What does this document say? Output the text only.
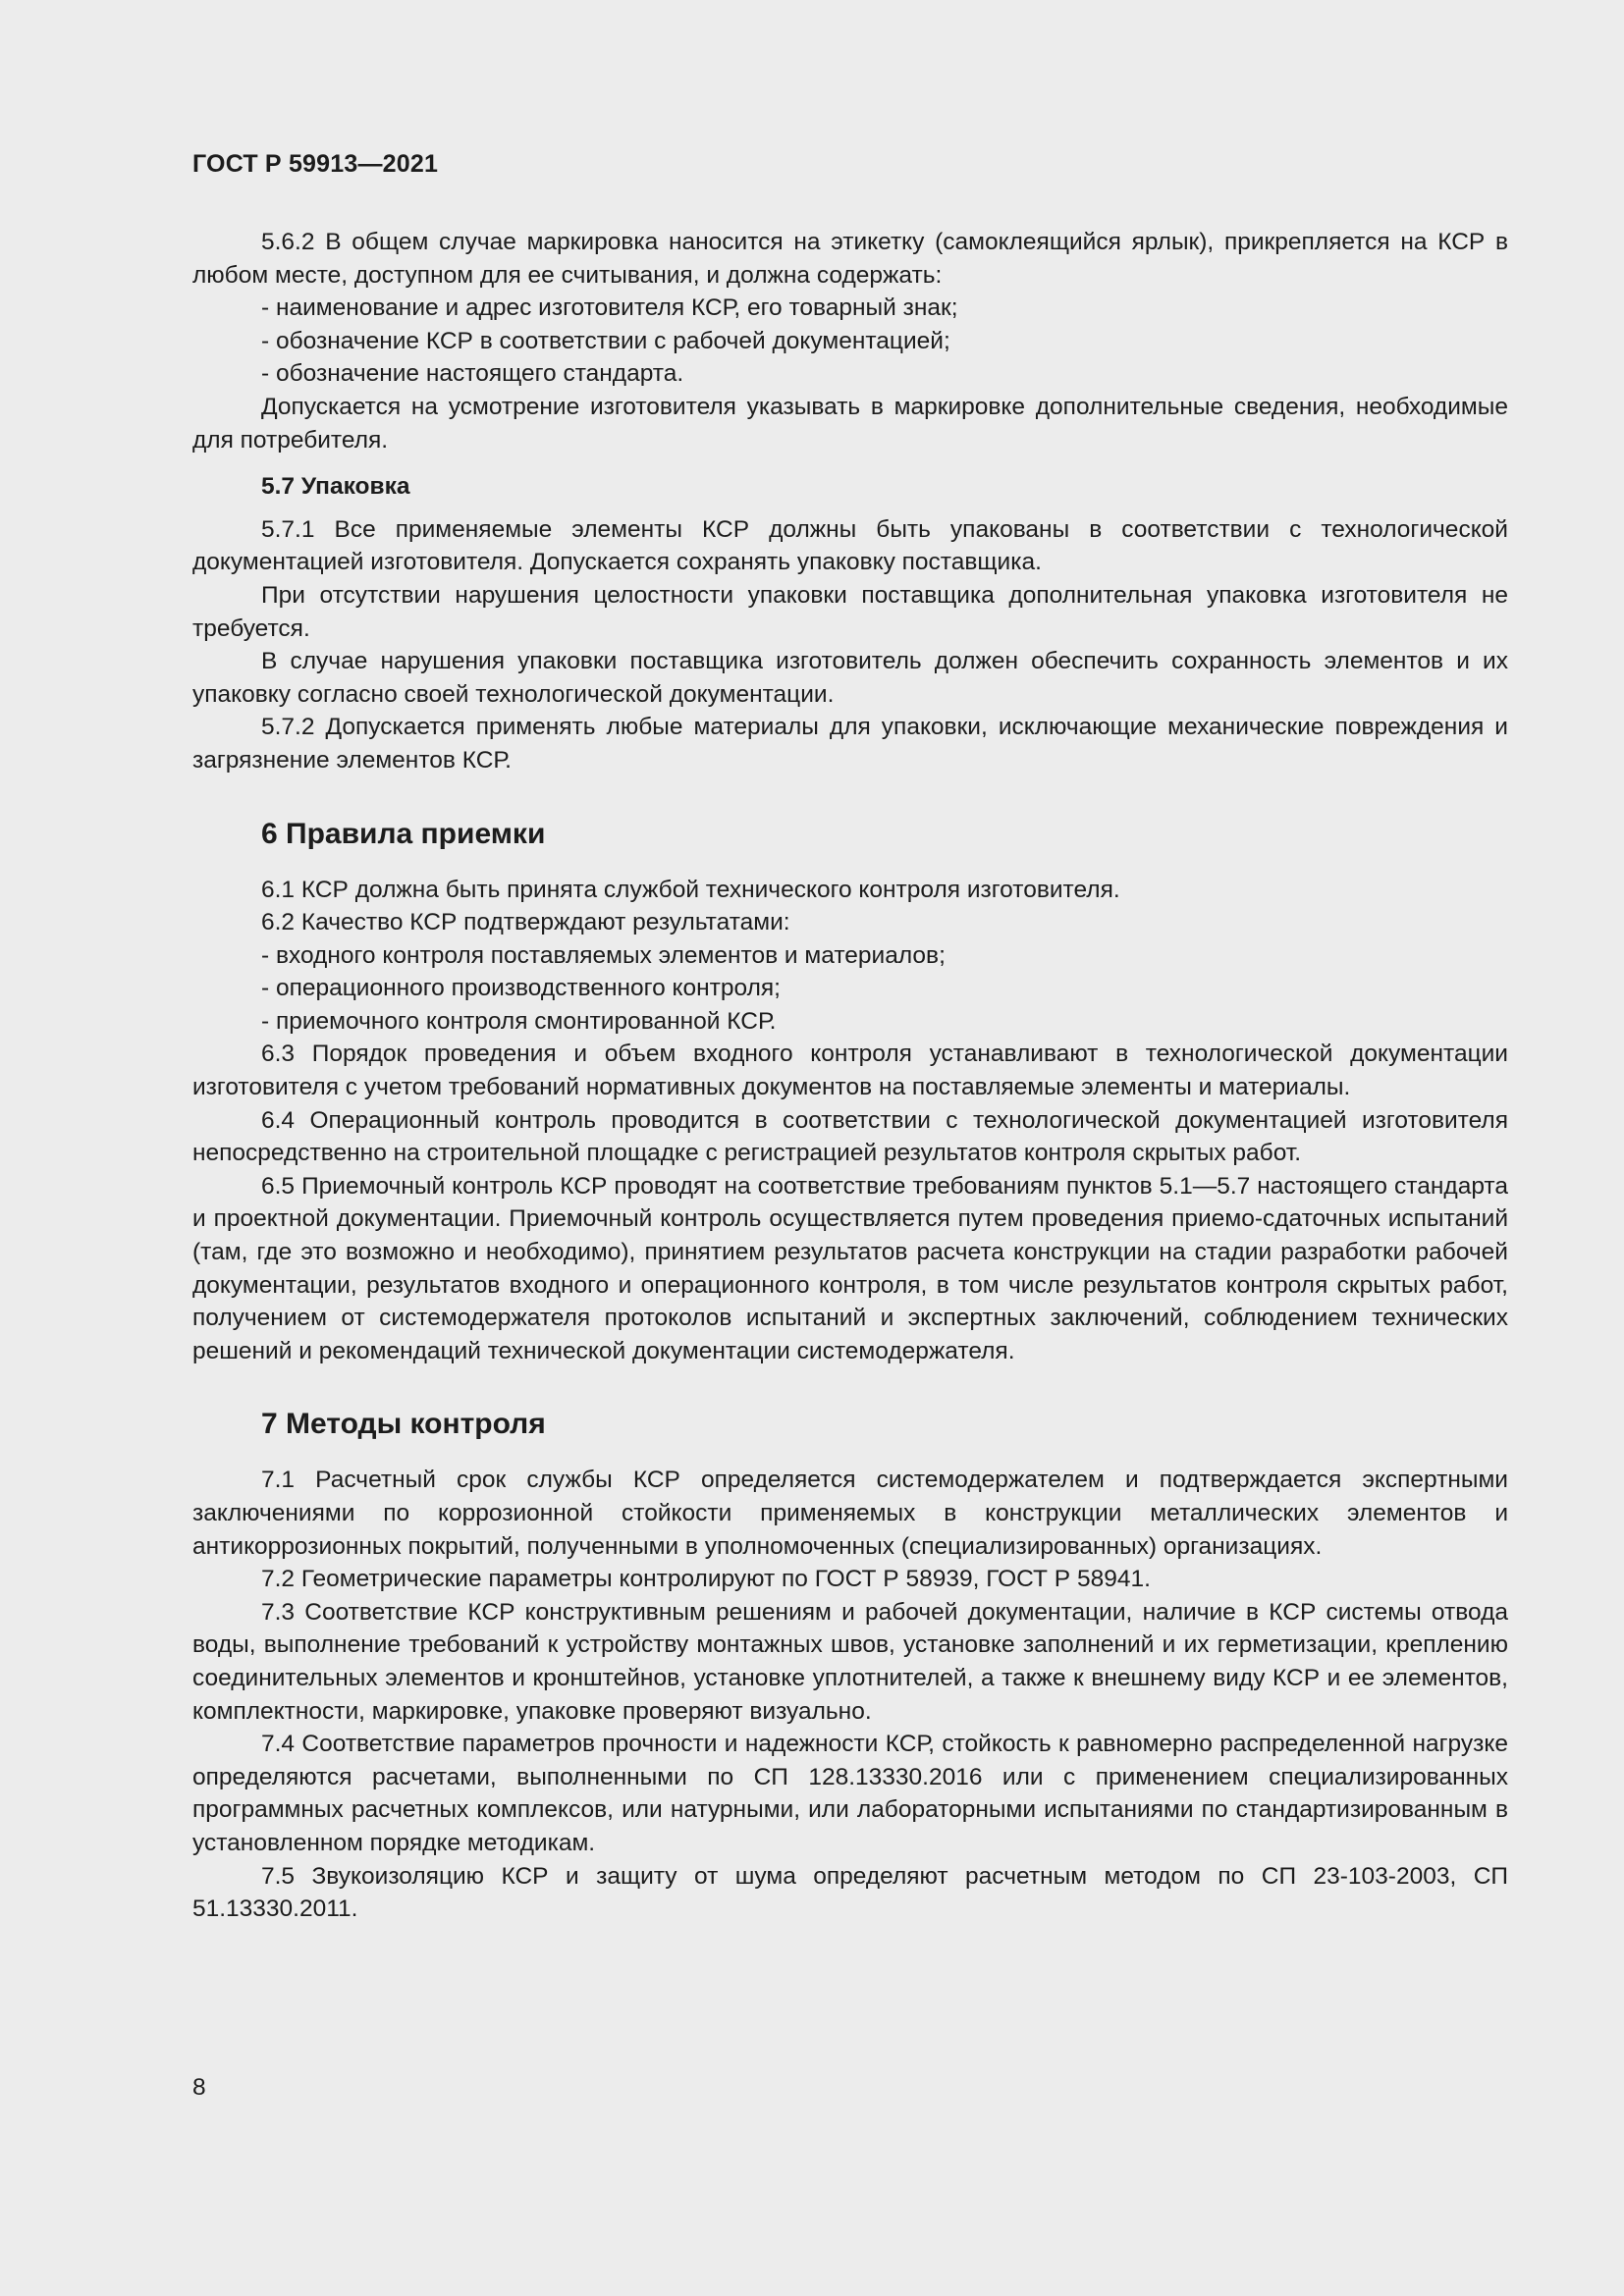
ГОСТ Р 59913—2021

5.6.2 В общем случае маркировка наносится на этикетку (самоклеящийся ярлык), прикрепляется на КСР в любом месте, доступном для ее считывания, и должна содержать:

- наименование и адрес изготовителя КСР, его товарный знак;

- обозначение КСР в соответствии с рабочей документацией;

- обозначение настоящего стандарта.

Допускается на усмотрение изготовителя указывать в маркировке дополнительные сведения, необходимые для потребителя.

5.7 Упаковка

5.7.1 Все применяемые элементы КСР должны быть упакованы в соответствии с технологической документацией изготовителя. Допускается сохранять упаковку поставщика.

При отсутствии нарушения целостности упаковки поставщика дополнительная упаковка изготовителя не требуется.

В случае нарушения упаковки поставщика изготовитель должен обеспечить сохранность элементов и их упаковку согласно своей технологической документации.

5.7.2 Допускается применять любые материалы для упаковки, исключающие механические повреждения и загрязнение элементов КСР.

6 Правила приемки

6.1 КСР должна быть принята службой технического контроля изготовителя.

6.2 Качество КСР подтверждают результатами:

- входного контроля поставляемых элементов и материалов;

- операционного производственного контроля;

- приемочного контроля смонтированной КСР.

6.3 Порядок проведения и объем входного контроля устанавливают в технологической документации изготовителя с учетом требований нормативных документов на поставляемые элементы и материалы.

6.4 Операционный контроль проводится в соответствии с технологической документацией изготовителя непосредственно на строительной площадке с регистрацией результатов контроля скрытых работ.

6.5 Приемочный контроль КСР проводят на соответствие требованиям пунктов 5.1—5.7 настоящего стандарта и проектной документации. Приемочный контроль осуществляется путем проведения приемо-сдаточных испытаний (там, где это возможно и необходимо), принятием результатов расчета конструкции на стадии разработки рабочей документации, результатов входного и операционного контроля, в том числе результатов контроля скрытых работ, получением от системодержателя протоколов испытаний и экспертных заключений, соблюдением технических решений и рекомендаций технической документации системодержателя.

7 Методы контроля

7.1 Расчетный срок службы КСР определяется системодержателем и подтверждается экспертными заключениями по коррозионной стойкости применяемых в конструкции металлических элементов и антикоррозионных покрытий, полученными в уполномоченных (специализированных) организациях.

7.2 Геометрические параметры контролируют по ГОСТ Р 58939, ГОСТ Р 58941.

7.3 Соответствие КСР конструктивным решениям и рабочей документации, наличие в КСР системы отвода воды, выполнение требований к устройству монтажных швов, установке заполнений и их герметизации, креплению соединительных элементов и кронштейнов, установке уплотнителей, а также к внешнему виду КСР и ее элементов, комплектности, маркировке, упаковке проверяют визуально.

7.4 Соответствие параметров прочности и надежности КСР, стойкость к равномерно распределенной нагрузке определяются расчетами, выполненными по СП 128.13330.2016 или с применением специализированных программных расчетных комплексов, или натурными, или лабораторными испытаниями по стандартизированным в установленном порядке методикам.

7.5 Звукоизоляцию КСР и защиту от шума определяют расчетным методом по СП 23-103-2003, СП 51.13330.2011.

8
